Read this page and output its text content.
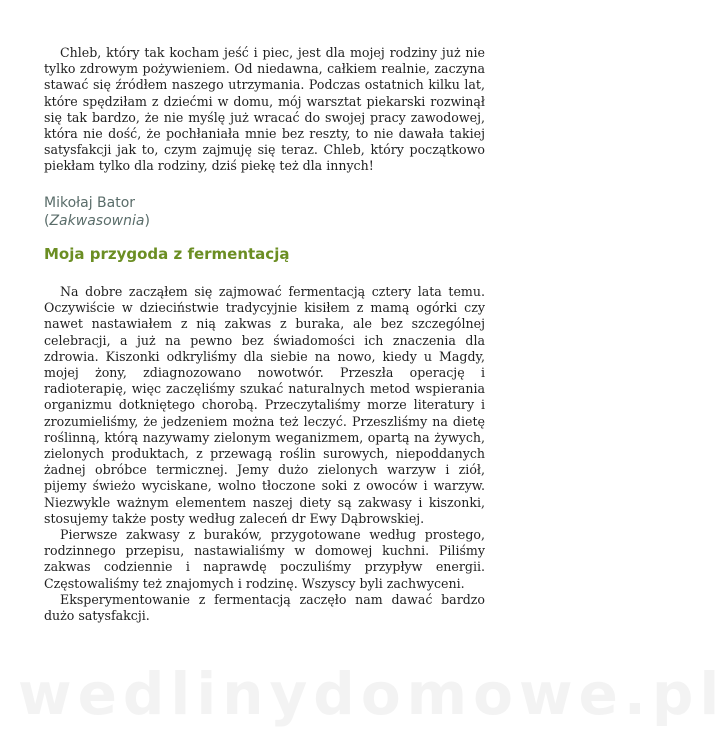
Chleb, który tak kocham jeść i piec, jest dla mojej rodziny już nie tylko zdrowym pożywieniem. Od niedawna, całkiem realnie, zaczyna stawać się źródłem naszego utrzymania. Podczas ostatnich kilku lat, które spędziłam z dziećmi w domu, mój warsztat piekarski rozwinął się tak bardzo, że nie myślę już wracać do swojej pracy zawodowej, która nie dość, że pochłaniała mnie bez reszty, to nie dawała takiej satysfakcji jak to, czym zajmuję się teraz. Chleb, który początkowo piekłam tylko dla rodziny, dziś piekę też dla innych!

Mikołaj Bator
(Zakwasownia)
Moja przygoda z fermentacją

Na dobre zacząłem się zajmować fermentacją cztery lata temu. Oczywiście w dzieciństwie tradycyjnie kisiłem z mamą ogórki czy nawet nastawiałem z nią zakwas z buraka, ale bez szczególnej celebracji, a już na pewno bez świadomości ich znaczenia dla zdrowia. Kiszonki odkryliśmy dla siebie na nowo, kiedy u Magdy, mojej żony, zdiagnozowano nowotwór. Przeszła operację i radioterapię, więc zaczęliśmy szukać naturalnych metod wspierania organizmu dotkniętego chorobą. Przeczytaliśmy morze literatury i zrozumieliśmy, że jedzeniem można też leczyć. Przeszliśmy na dietę roślinną, którą nazywamy zielonym weganizmem, opartą na żywych, zielonych produktach, z przewagą roślin surowych, niepoddanych żadnej obróbce termicznej. Jemy dużo zielonych warzyw i ziół, pijemy świeżo wyciskane, wolno tłoczone soki z owoców i warzyw. Niezwykle ważnym elementem naszej diety są zakwasy i kiszonki, stosujemy także posty według zaleceń dr Ewy Dąbrowskiej.

Pierwsze zakwasy z buraków, przygotowane według prostego, rodzinnego przepisu, nastawialiśmy w domowej kuchni. Piliśmy zakwas codziennie i naprawdę poczuliśmy przypływ energii. Częstowaliśmy też znajomych i rodzinę. Wszyscy byli zachwyceni.

Eksperymentowanie z fermentacją zaczęło nam dawać bardzo dużo satysfakcji.

wedlinydomowe.pl
